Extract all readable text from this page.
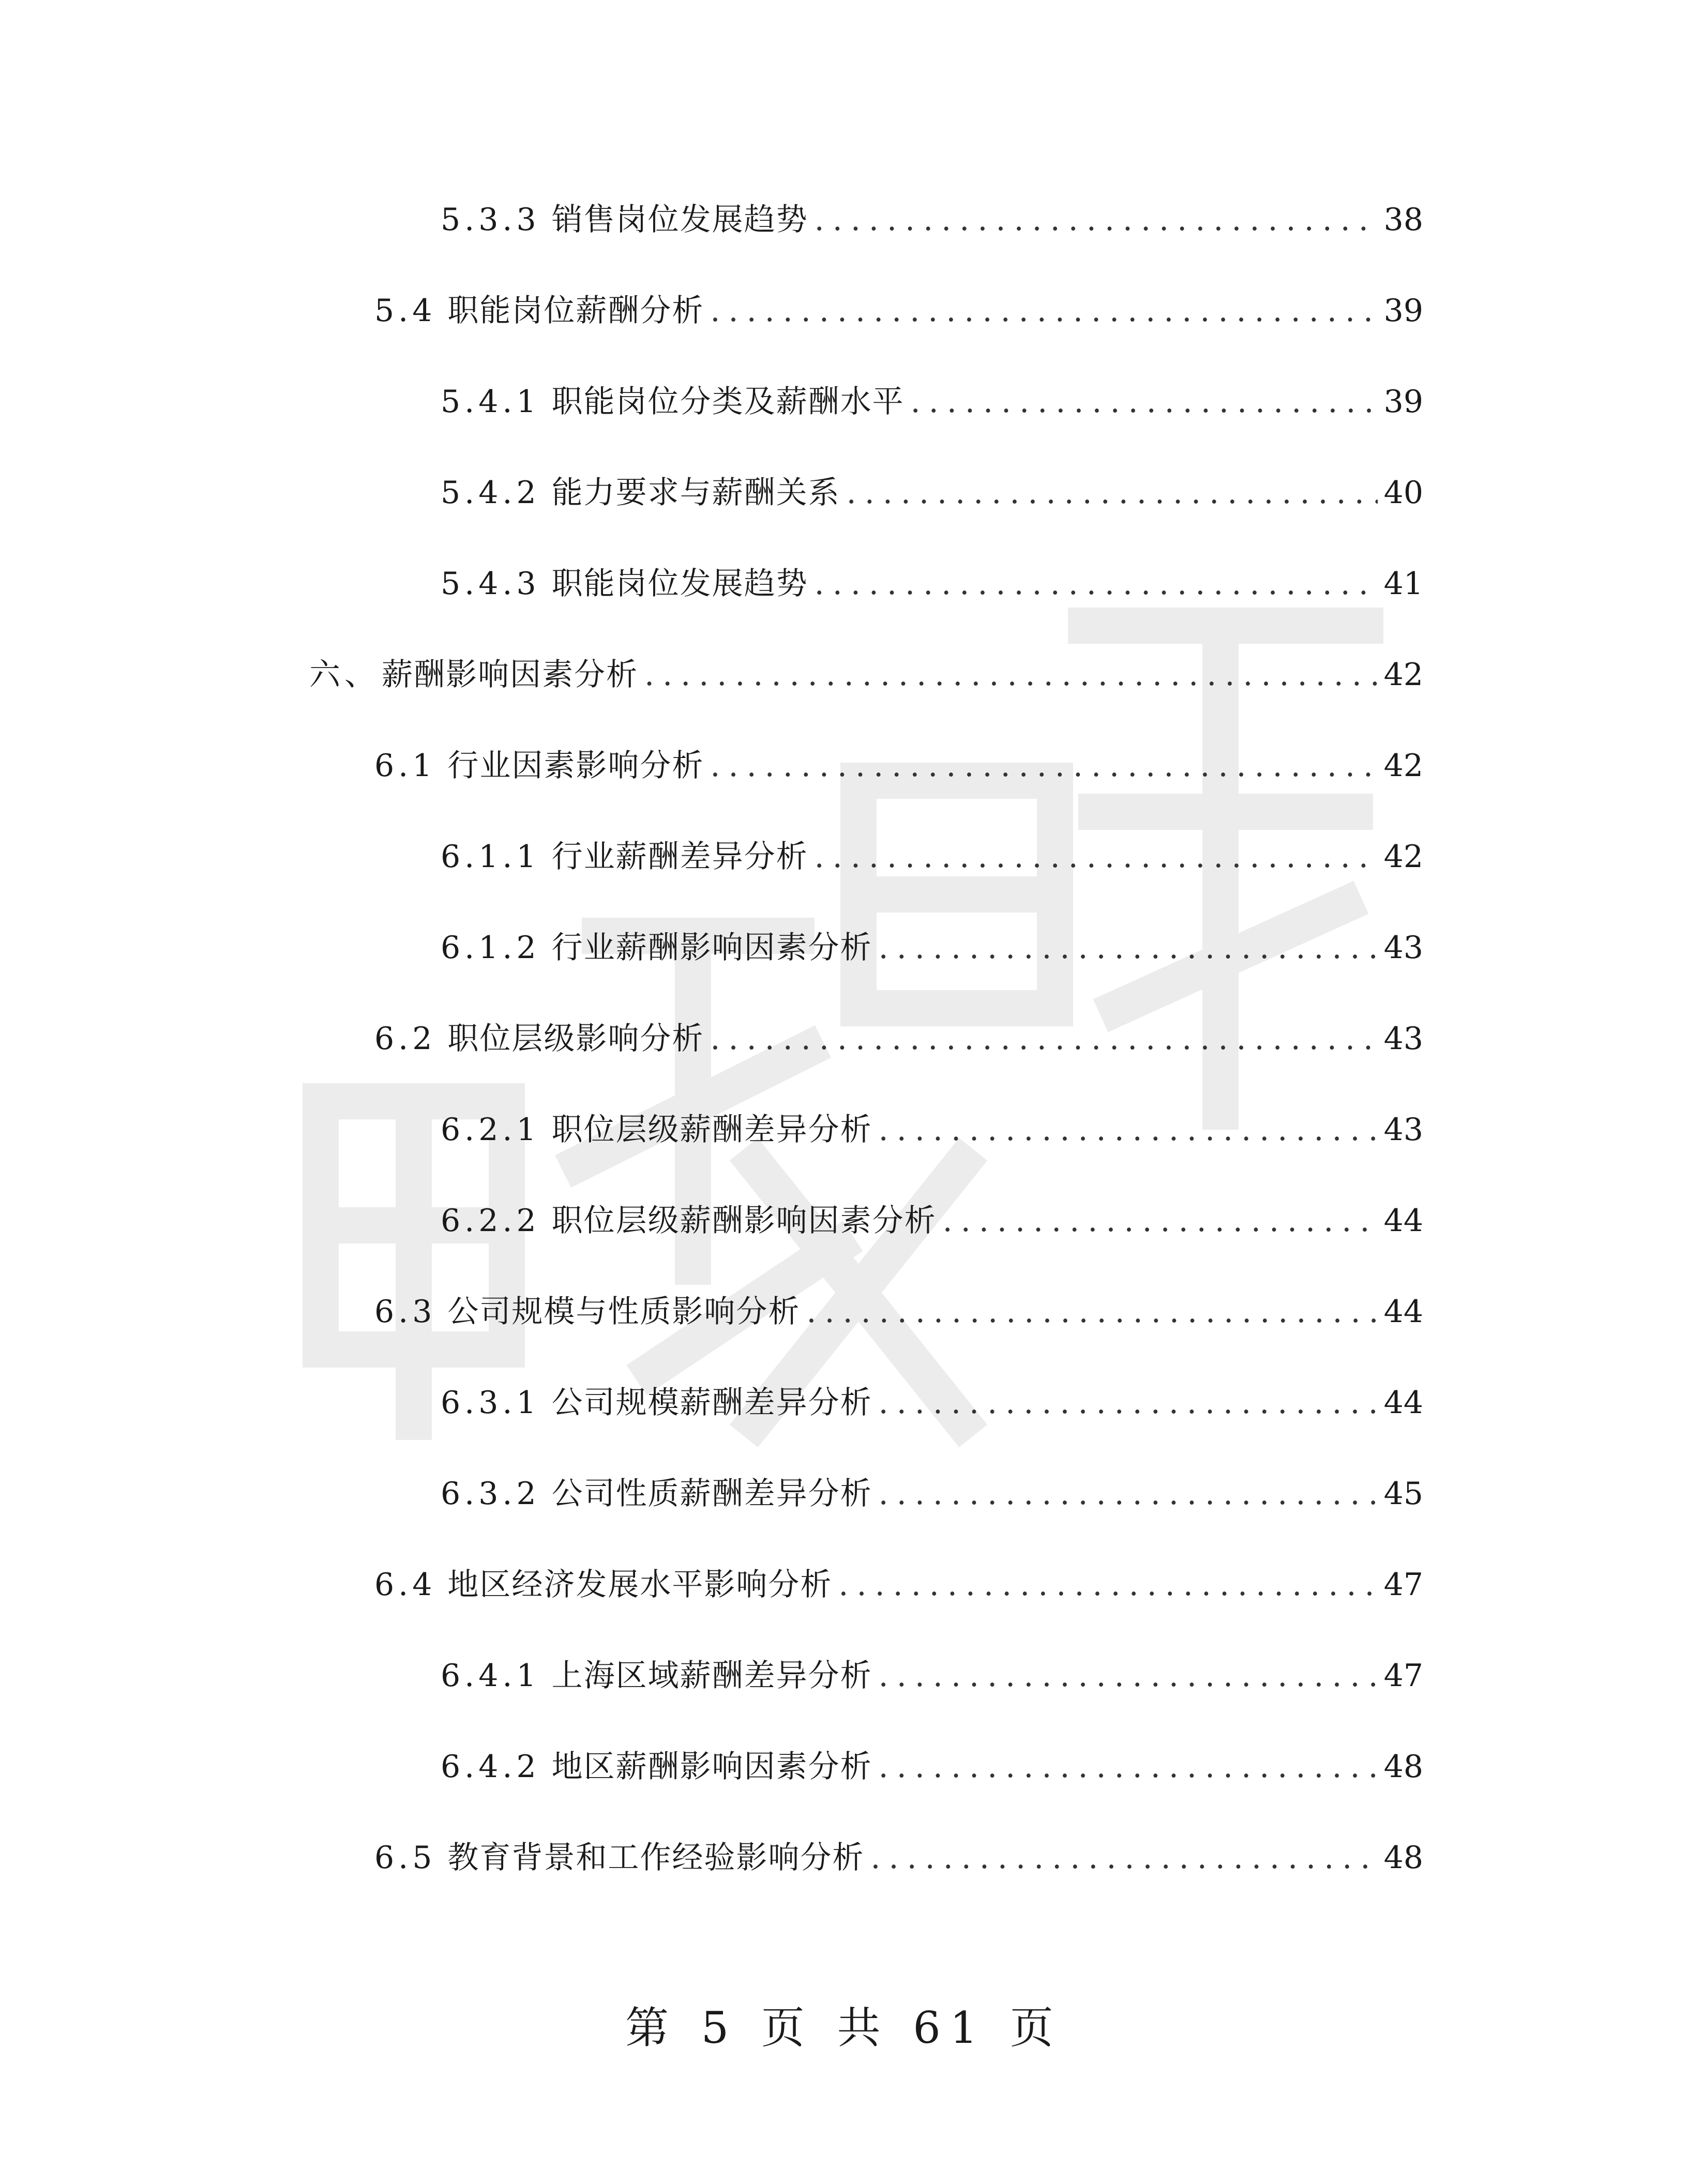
5.3.3 销售岗位发展趋势 .....	38
5.4 职能岗位薪酬分析 .....	39
5.4.1 职能岗位分类及薪酬水平 .....	39
5.4.2 能力要求与薪酬关系 .....	40
5.4.3 职能岗位发展趋势 .....	41
六、 薪酬影响因素分析 .....	42
6.1 行业因素影响分析 .....	42
6.1.1 行业薪酬差异分析 .....	42
6.1.2 行业薪酬影响因素分析 .....	43
6.2 职位层级影响分析 .....	43
6.2.1 职位层级薪酬差异分析 .....	43
6.2.2 职位层级薪酬影响因素分析 .....	44
6.3 公司规模与性质影响分析 .....	44
6.3.1 公司规模薪酬差异分析 .....	44
6.3.2 公司性质薪酬差异分析 .....	45
6.4 地区经济发展水平影响分析 .....	47
6.4.1 上海区域薪酬差异分析 .....	47
6.4.2 地区薪酬影响因素分析 .....	48
6.5 教育背景和工作经验影响分析 .....	48
第 5 页 共 61 页
